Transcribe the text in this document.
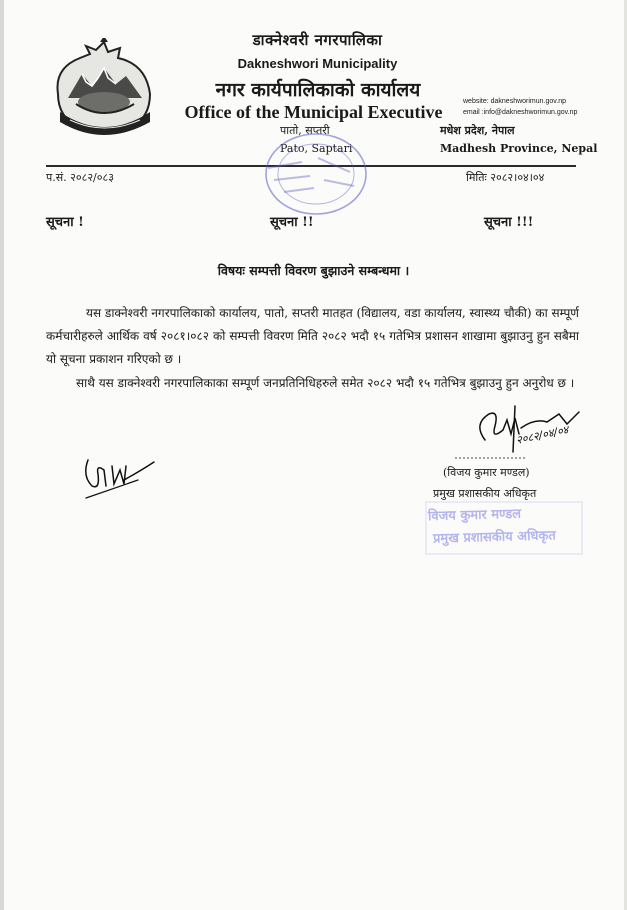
डाक्नेश्वरी नगरपालिका
Dakneshwori Municipality
नगर कार्यपालिकाको कार्यालय
Office of the Municipal Executive
website: dakneshworimun.gov.np
email :info@dakneshworimun.gov.np
पातो, सप्तरी
Pato, Saptari
मधेश प्रदेश, नेपाल
Madhesh Province, Nepal
प.सं. २०८२/०८३	मितिः २०८२।०४।०४
सूचना !	सूचना !!	सूचना !!!
विषयः सम्पत्ती विवरण बुझाउने सम्बन्धमा ।
यस डाक्नेश्वरी नगरपालिकाको कार्यालय, पातो, सप्तरी मातहत (विद्यालय, वडा कार्यालय, स्वास्थ्य चौकी) का सम्पूर्ण कर्मचारीहरुले आर्थिक वर्ष २०८१।०८२ को सम्पत्ती विवरण मिति २०८२ भदौ १५ गतेभित्र प्रशासन शाखामा बुझाउनु हुन सबैमा यो सूचना प्रकाशन गरिएको छ ।
साथै यस डाक्नेश्वरी नगरपालिकाका सम्पूर्ण जनप्रतिनिधिहरुले समेत २०८२ भदौ १५ गतेभित्र बुझाउनु हुन अनुरोध छ ।
२०८२/०४/०४
(विजय कुमार मण्डल)
प्रमुख प्रशासकीय अधिकृत
विजय कुमार मण्डल
प्रमुख प्रशासकीय अधिकृत
